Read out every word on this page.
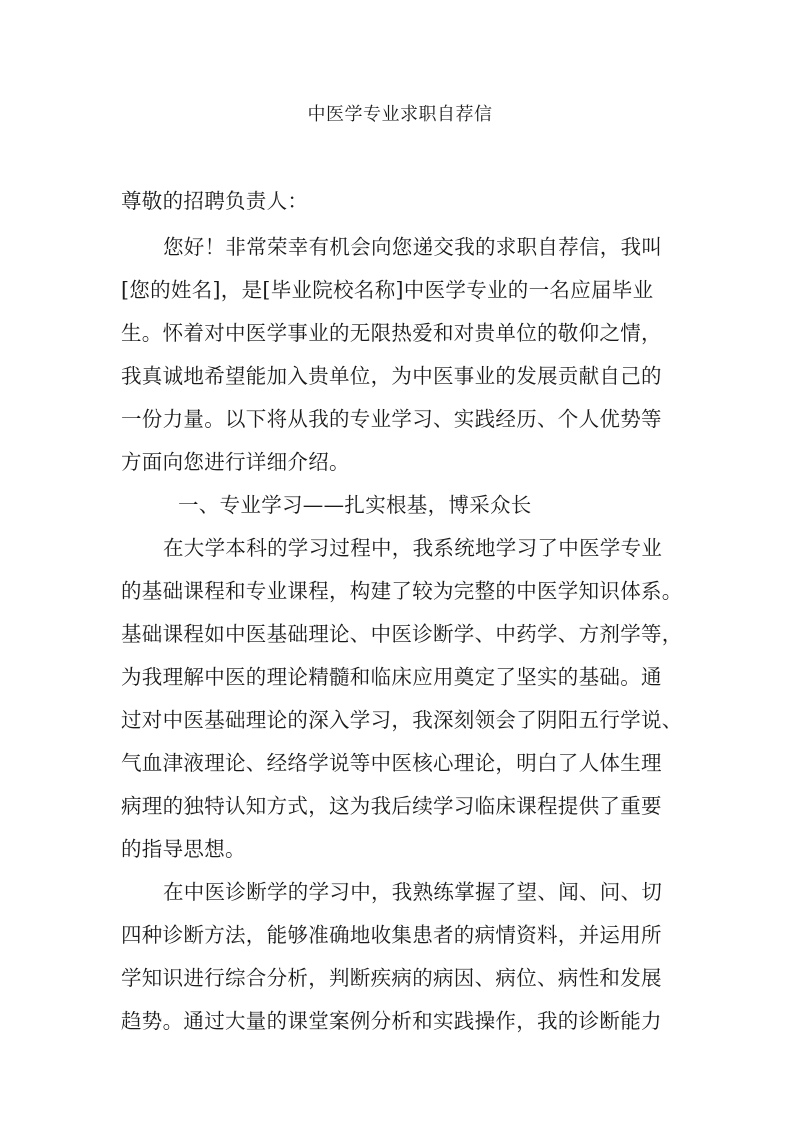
中医学专业求职自荐信
尊敬的招聘负责人：
您好！非常荣幸有机会向您递交我的求职自荐信，我叫
[您的姓名]，是[毕业院校名称]中医学专业的一名应届毕业
生。怀着对中医学事业的无限热爱和对贵单位的敬仰之情，
我真诚地希望能加入贵单位，为中医事业的发展贡献自己的
一份力量。以下将从我的专业学习、实践经历、个人优势等
方面向您进行详细介绍。
一、专业学习——扎实根基，博采众长
在大学本科的学习过程中，我系统地学习了中医学专业
的基础课程和专业课程，构建了较为完整的中医学知识体系。
基础课程如中医基础理论、中医诊断学、中药学、方剂学等，
为我理解中医的理论精髓和临床应用奠定了坚实的基础。通
过对中医基础理论的深入学习，我深刻领会了阴阳五行学说、
气血津液理论、经络学说等中医核心理论，明白了人体生理
病理的独特认知方式，这为我后续学习临床课程提供了重要
的指导思想。
在中医诊断学的学习中，我熟练掌握了望、闻、问、切
四种诊断方法，能够准确地收集患者的病情资料，并运用所
学知识进行综合分析，判断疾病的病因、病位、病性和发展
趋势。通过大量的课堂案例分析和实践操作，我的诊断能力
